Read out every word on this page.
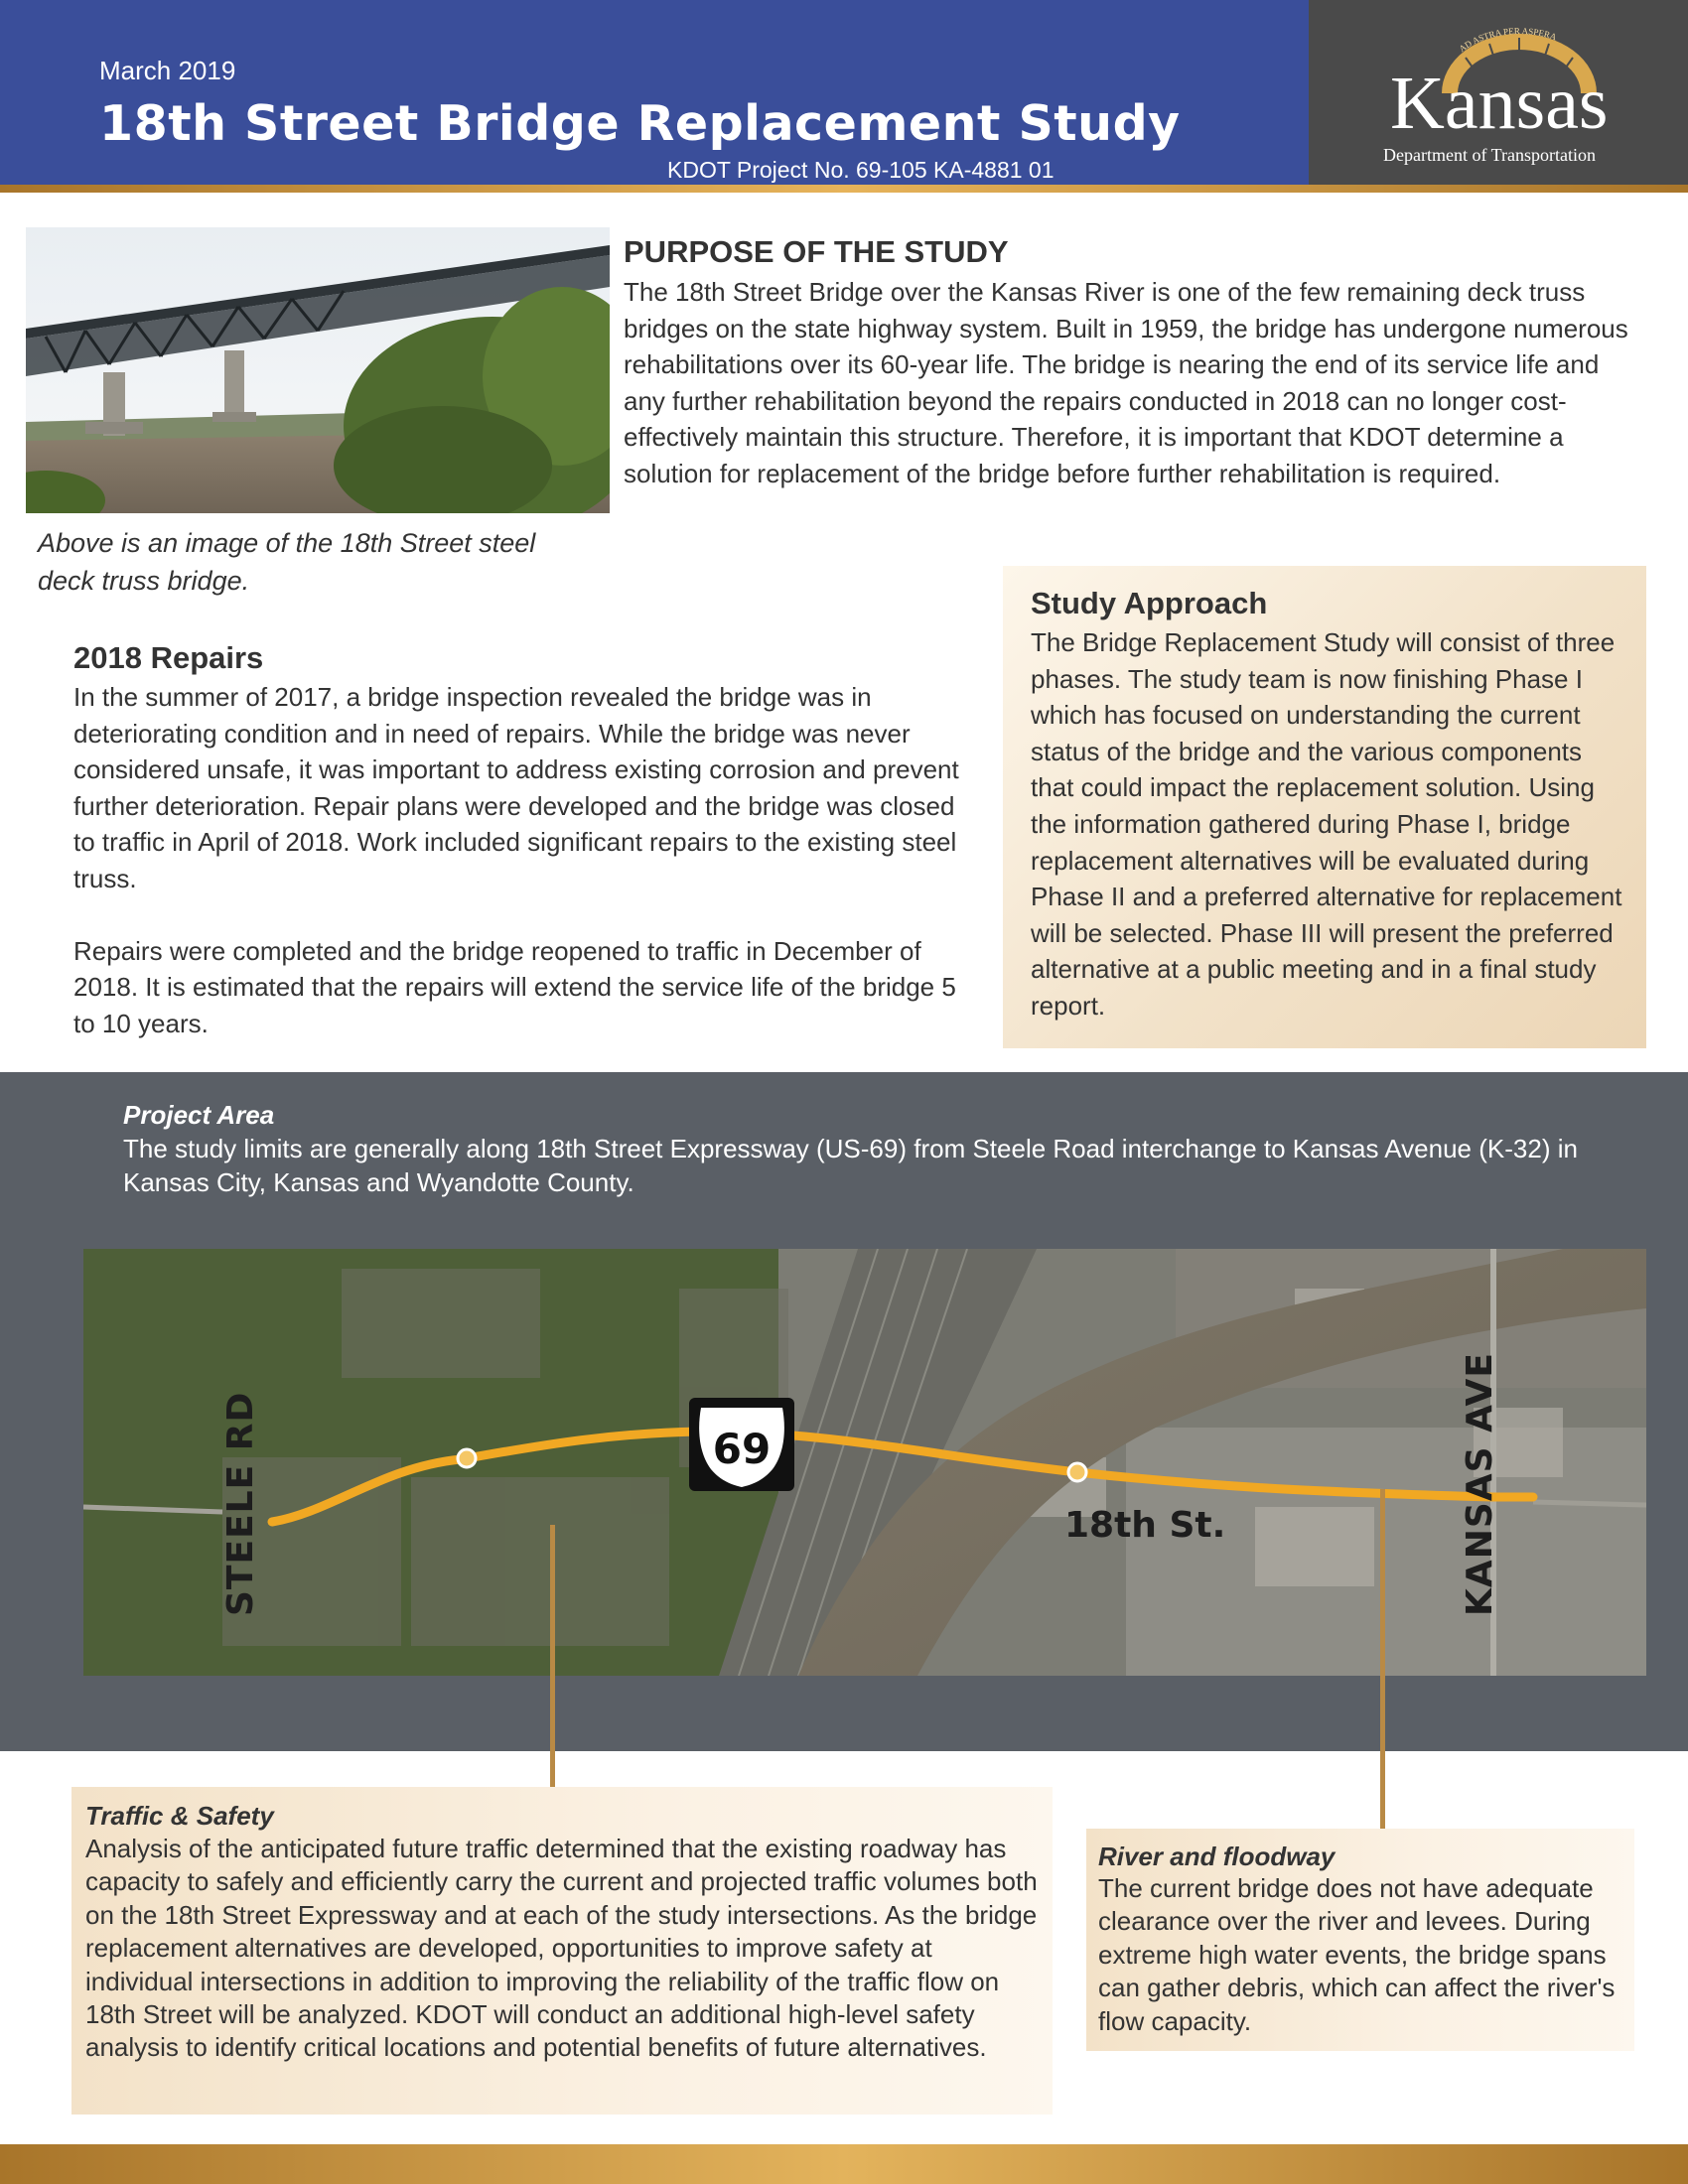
March 2019
18th Street Bridge Replacement Study
KDOT Project No. 69-105 KA-4881 01
AD ASTRA PER ASPERA
Kansas
Department of Transportation
Above is an image of the 18th Street steel deck truss bridge.
PURPOSE OF THE STUDY
The 18th Street Bridge over the Kansas River is one of the few remaining deck truss bridges on the state highway system. Built in 1959, the bridge has undergone numerous rehabilitations over its 60-year life. The bridge is nearing the end of its service life and any further rehabilitation beyond the repairs conducted in 2018 can no longer cost-effectively maintain this structure. Therefore, it is important that KDOT determine a solution for replacement of the bridge before further rehabilitation is required.
2018 Repairs

In the summer of 2017, a bridge inspection revealed the bridge was in deteriorating condition and in need of repairs. While the bridge was never considered unsafe, it was important to address existing corrosion and prevent further deterioration. Repair plans were developed and the bridge was closed to traffic in April of 2018. Work included significant repairs to the existing steel truss.

Repairs were completed and the bridge reopened to traffic in December of 2018. It is estimated that the repairs will extend the service life of the bridge 5 to 10 years.

Study Approach
The Bridge Replacement Study will consist of three phases. The study team is now finishing Phase I which has focused on understanding the current status of the bridge and the various components that could impact the replacement solution. Using the information gathered during Phase I, bridge replacement alternatives will be evaluated during Phase II and a preferred alternative for replacement will be selected. Phase III will present the preferred alternative at a public meeting and in a final study report.
Project Area
The study limits are generally along 18th Street Expressway (US-69) from Steele Road interchange to Kansas Avenue (K-32) in Kansas City, Kansas and Wyandotte County.
69
STEELE RD	KANSAS AVE
18th St.
Traffic & Safety
Analysis of the anticipated future traffic determined that the existing roadway has capacity to safely and efficiently carry the current and projected traffic volumes both on the 18th Street Expressway and at each of the study intersections. As the bridge replacement alternatives are developed, opportunities to improve safety at individual intersections in addition to improving the reliability of the traffic flow on 18th Street will be analyzed. KDOT will conduct an additional high-level safety analysis to identify critical locations and potential benefits of future alternatives.
River and floodway
The current bridge does not have adequate clearance over the river and levees. During extreme high water events, the bridge spans can gather debris, which can affect the river's flow capacity.
